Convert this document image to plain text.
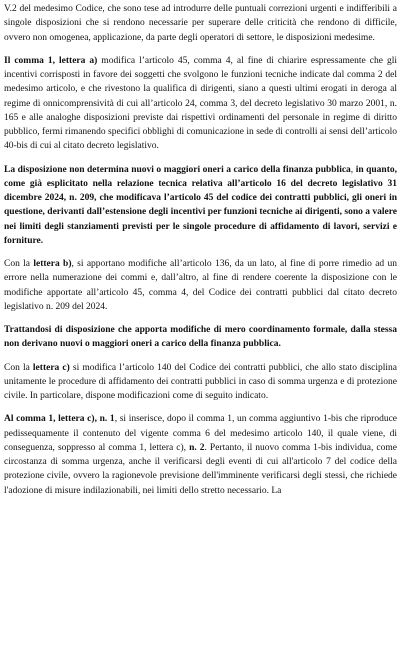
V.2 del medesimo Codice, che sono tese ad introdurre delle puntuali correzioni urgenti e indifferibili a singole disposizioni che si rendono necessarie per superare delle criticità che rendono di difficile, ovvero non omogenea, applicazione, da parte degli operatori di settore, le disposizioni medesime.

Il comma 1, lettera a) modifica l’articolo 45, comma 4, al fine di chiarire espressamente che gli incentivi corrisposti in favore dei soggetti che svolgono le funzioni tecniche indicate dal comma 2 del medesimo articolo, e che rivestono la qualifica di dirigenti, siano a questi ultimi erogati in deroga al regime di onnicomprensività di cui all’articolo 24, comma 3, del decreto legislativo 30 marzo 2001, n. 165 e alle analoghe disposizioni previste dai rispettivi ordinamenti del personale in regime di diritto pubblico, fermi rimanendo specifici obblighi di comunicazione in sede di controlli ai sensi dell’articolo 40-bis di cui al citato decreto legislativo.

La disposizione non determina nuovi o maggiori oneri a carico della finanza pubblica, in quanto, come già esplicitato nella relazione tecnica relativa all’articolo 16 del decreto legislativo 31 dicembre 2024, n. 209, che modificava l’articolo 45 del codice dei contratti pubblici, gli oneri in questione, derivanti dall’estensione degli incentivi per funzioni tecniche ai dirigenti, sono a valere nei limiti degli stanziamenti previsti per le singole procedure di affidamento di lavori, servizi e forniture.

Con la lettera b), si apportano modifiche all’articolo 136, da un lato, al fine di porre rimedio ad un errore nella numerazione dei commi e, dall’altro, al fine di rendere coerente la disposizione con le modifiche apportate all’articolo 45, comma 4, del Codice dei contratti pubblici dal citato decreto legislativo n. 209 del 2024.

Trattandosi di disposizione che apporta modifiche di mero coordinamento formale, dalla stessa non derivano nuovi o maggiori oneri a carico della finanza pubblica.

Con la lettera c) si modifica l’articolo 140 del Codice dei contratti pubblici, che allo stato disciplina unitamente le procedure di affidamento dei contratti pubblici in caso di somma urgenza e di protezione civile. In particolare, dispone modificazioni come di seguito indicato.

Al comma 1, lettera c), n. 1, si inserisce, dopo il comma 1, un comma aggiuntivo 1-bis che riproduce pedissequamente il contenuto del vigente comma 6 del medesimo articolo 140, il quale viene, di conseguenza, soppresso al comma 1, lettera c), n. 2. Pertanto, il nuovo comma 1-bis individua, come circostanza di somma urgenza, anche il verificarsi degli eventi di cui all'articolo 7 del codice della protezione civile, ovvero la ragionevole previsione dell'imminente verificarsi degli stessi, che richiede l'adozione di misure indilazionabili, nei limiti dello stretto necessario. La
